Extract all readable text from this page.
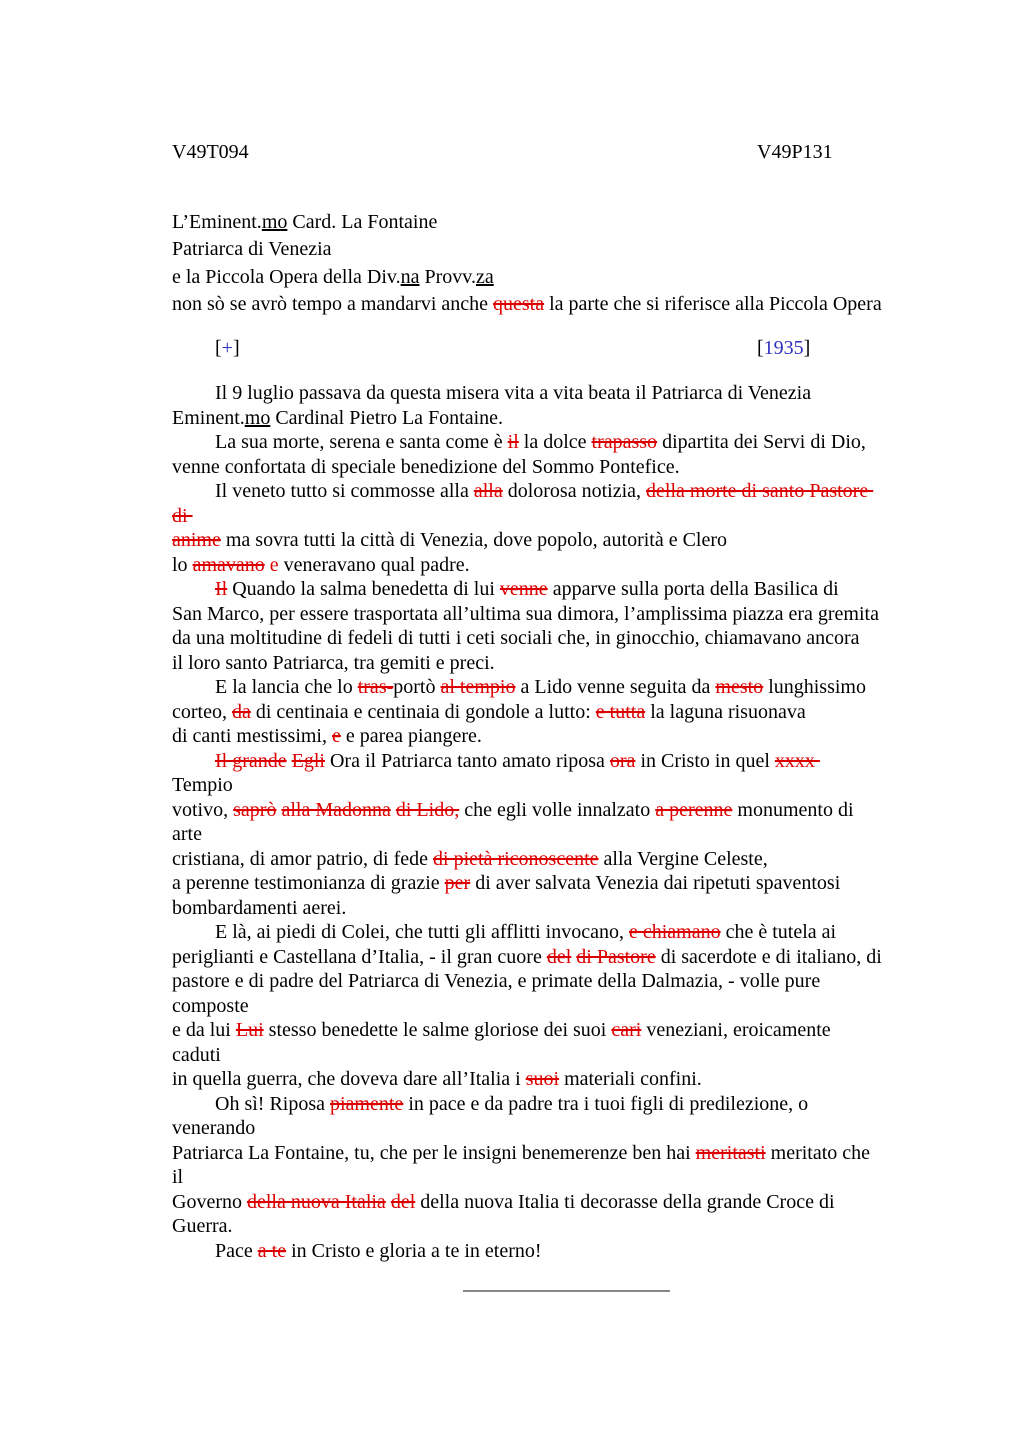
V49T094	V49P131
L’Eminent.mo Card. La Fontaine
Patriarca di Venezia
e la Piccola Opera della Div.na Provv.za
non sò se avrò tempo a mandarvi anche questa la parte che si riferisce alla Piccola Opera
[+]	[1935]
Il 9 luglio passava da questa misera vita a vita beata il Patriarca di Venezia
Eminent.mo Cardinal Pietro La Fontaine.
La sua morte, serena e santa come è il la dolce trapasso dipartita dei Servi di Dio,
venne confortata di speciale benedizione del Sommo Pontefice.
Il veneto tutto si commosse alla alla dolorosa notizia, della morte di santo Pastore
di
anime ma sovra tutti la città di Venezia, dove popolo, autorità e Clero
lo amavano e veneravano qual padre.
Il Quando la salma benedetta di lui venne apparve sulla porta della Basilica di
San Marco, per essere trasportata all’ultima sua dimora, l’amplissima piazza era gremita
da una moltitudine di fedeli di tutti i ceti sociali che, in ginocchio, chiamavano ancora
il loro santo Patriarca, tra gemiti e preci.
E la lancia che lo tras-portò al tempio a Lido venne seguita da mesto lunghissimo
corteo, da di centinaia e centinaia di gondole a lutto: e tutta la laguna risuonava
di canti mestissimi, e e parea piangere.
Il grande Egli Ora il Patriarca tanto amato riposa ora in Cristo in quel xxxx
Tempio
votivo, saprò alla Madonna di Lido, che egli volle innalzato a perenne monumento di
arte
cristiana, di amor patrio, di fede di pietà riconoscente alla Vergine Celeste,
a perenne testimonianza di grazie per di aver salvata Venezia dai ripetuti spaventosi
bombardamenti aerei.
E là, ai piedi di Colei, che tutti gli afflitti invocano, e chiamano che è tutela ai
periglianti e Castellana d’Italia, - il gran cuore del di Pastore di sacerdote e di italiano, di
pastore e di padre del Patriarca di Venezia, e primate della Dalmazia, - volle pure
composte
e da lui Lui stesso benedette le salme gloriose dei suoi cari veneziani, eroicamente
caduti
in quella guerra, che doveva dare all’Italia i suoi materiali confini.
Oh sì! Riposa piamente in pace e da padre tra i tuoi figli di predilezione, o
venerando
Patriarca La Fontaine, tu, che per le insigni benemerenze ben hai meritasti meritato che
il
Governo della nuova Italia del della nuova Italia ti decorasse della grande Croce di
Guerra.
Pace a te in Cristo e gloria a te in eterno!
